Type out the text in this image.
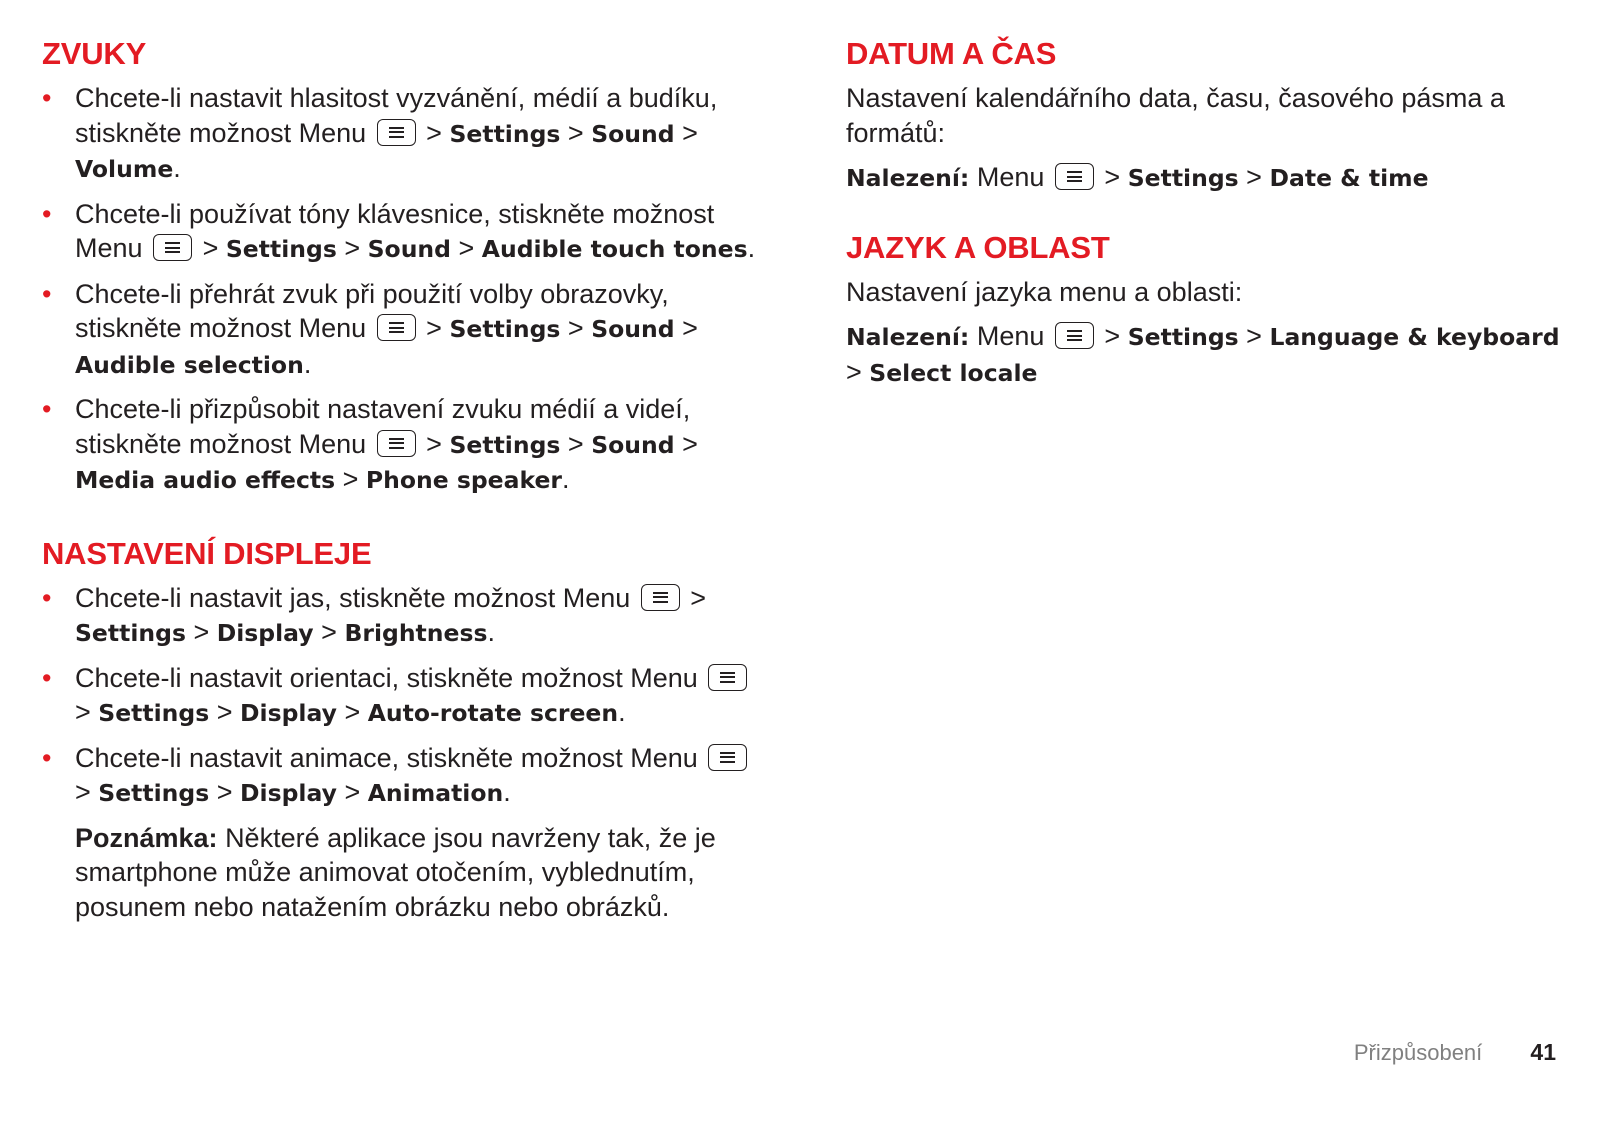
ZVUKY
• Chcete-li nastavit hlasitost vyzvánění, médií a budíku, stiskněte možnost Menu > Settings > Sound > Volume.
• Chcete-li používat tóny klávesnice, stiskněte možnost Menu > Settings > Sound > Audible touch tones.
• Chcete-li přehrát zvuk při použití volby obrazovky, stiskněte možnost Menu > Settings > Sound > Audible selection.
• Chcete-li přizpůsobit nastavení zvuku médií a videí, stiskněte možnost Menu > Settings > Sound > Media audio effects > Phone speaker.
NASTAVENÍ DISPLEJE
• Chcete-li nastavit jas, stiskněte možnost Menu > Settings > Display > Brightness.
• Chcete-li nastavit orientaci, stiskněte možnost Menu
> Settings > Display > Auto-rotate screen.
• Chcete-li nastavit animace, stiskněte možnost Menu
> Settings > Display > Animation.
Poznámka: Některé aplikace jsou navrženy tak, že je smartphone může animovat otočením, vyblednutím, posunem nebo natažením obrázku nebo obrázků.
DATUM A ČAS

Nastavení kalendářního data, času, časového pásma a formátů:

Nalezení: Menu > Settings > Date & time

JAZYK A OBLAST

Nastavení jazyka menu a oblasti:

Nalezení: Menu > Settings > Language & keyboard > Select locale

Přizpůsobení 41
